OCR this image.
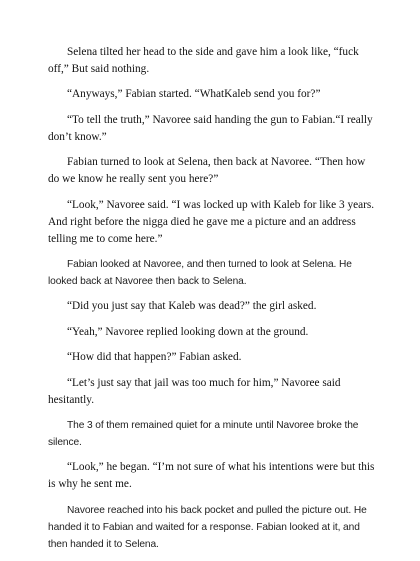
Selena tilted her head to the side and gave him a look like, “fuck off,” But said nothing.

“Anyways,” Fabian started. “WhatKaleb send you for?”

“To tell the truth,” Navoree said handing the gun to Fabian.“I really don’t know.”

Fabian turned to look at Selena, then back at Navoree. “Then how do we know he really sent you here?”

“Look,” Navoree said. “I was locked up with Kaleb for like 3 years. And right before the nigga died he gave me a picture and an address telling me to come here.”

Fabian looked at Navoree, and then turned to look at Selena. He looked back at Navoree then back to Selena.

“Did you just say that Kaleb was dead?” the girl asked.

“Yeah,” Navoree replied looking down at the ground.

“How did that happen?” Fabian asked.

“Let’s just say that jail was too much for him,” Navoree said hesitantly.

The 3 of them remained quiet for a minute until Navoree broke the silence.

“Look,” he began. “I’m not sure of what his intentions were but this is why he sent me.

Navoree reached into his back pocket and pulled the picture out. He handed it to Fabian and waited for a response. Fabian looked at it, and then handed it to Selena.
